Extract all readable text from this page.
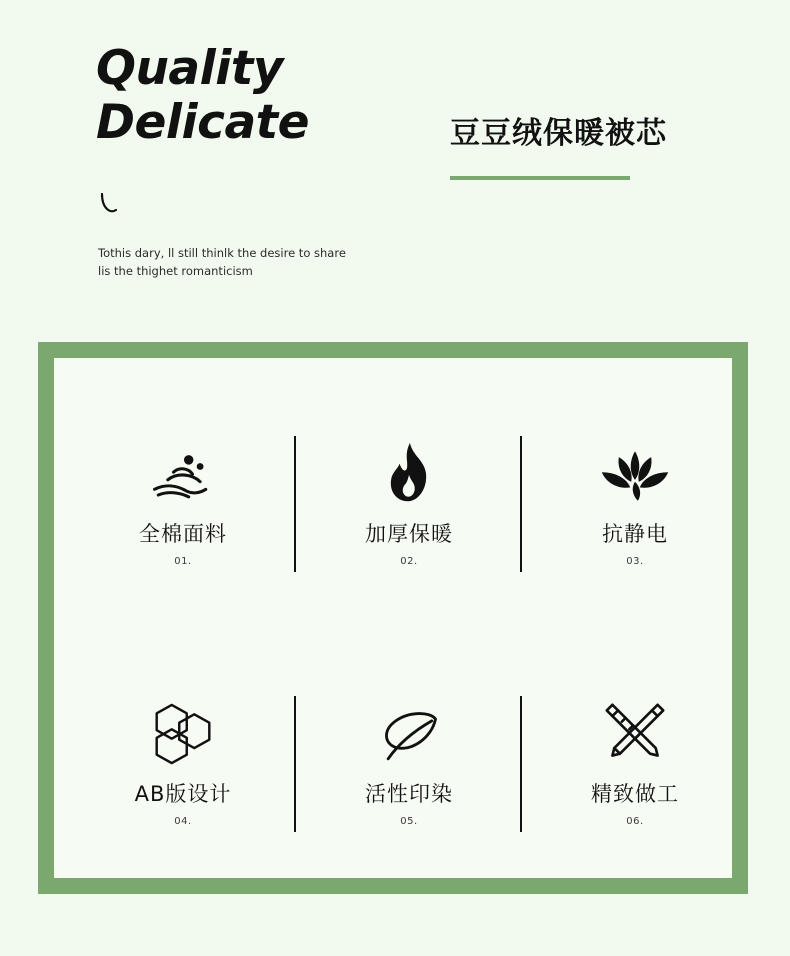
Quality
Delicate	豆豆绒保暖被芯
Tothis dary, ll still thinlk the desire to share lis the thighet romanticism
全棉面料
01.
加厚保暖
02.
抗静电
03.
AB版设计
04.
活性印染
05.
精致做工
06.
